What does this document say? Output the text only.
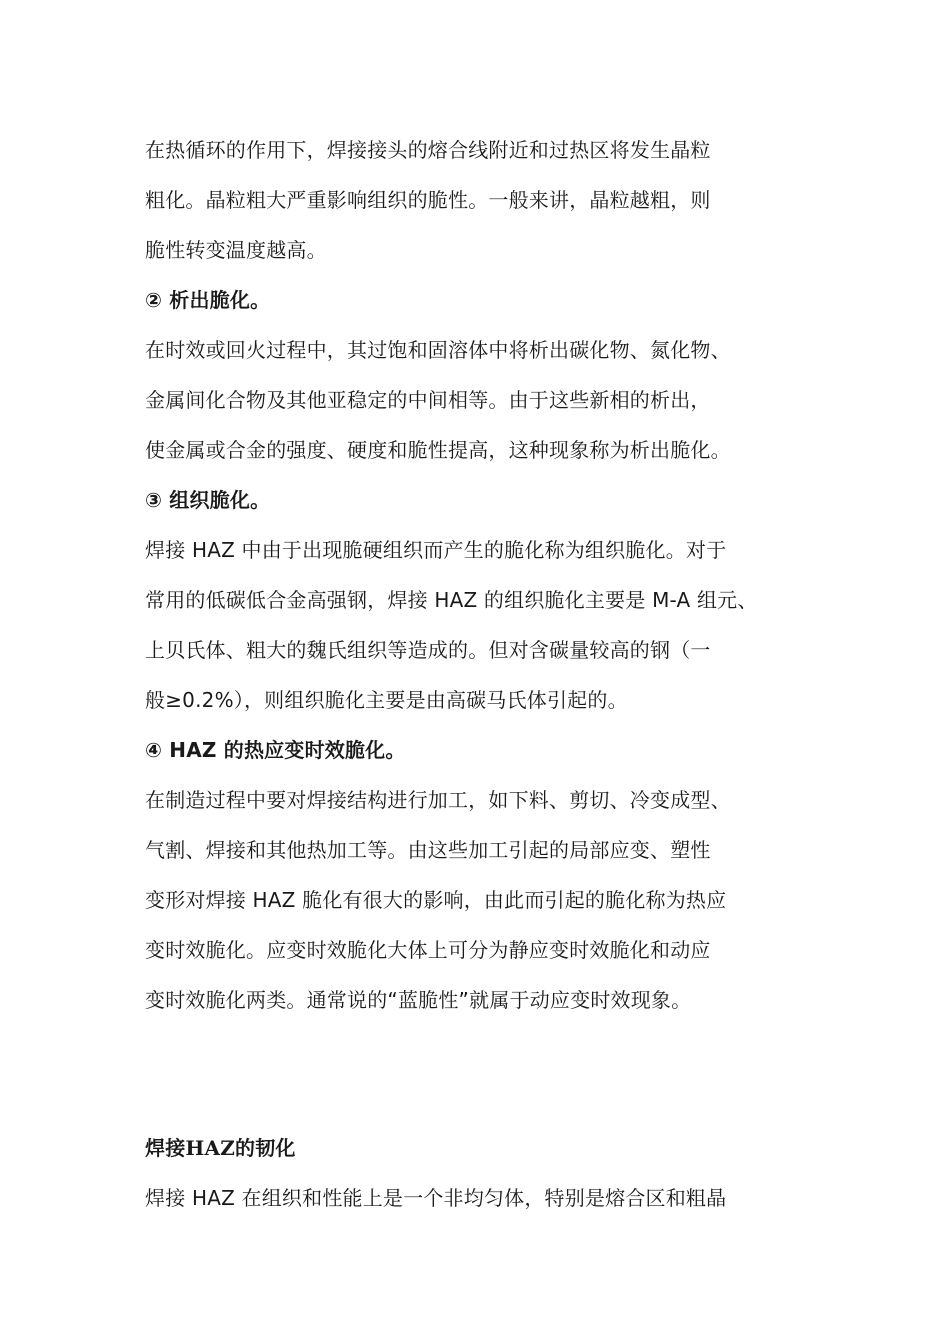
在热循环的作用下，焊接接头的熔合线附近和过热区将发生晶粒
粗化。晶粒粗大严重影响组织的脆性。一般来讲，晶粒越粗，则
脆性转变温度越高。
② 析出脆化。
在时效或回火过程中，其过饱和固溶体中将析出碳化物、氮化物、
金属间化合物及其他亚稳定的中间相等。由于这些新相的析出，
使金属或合金的强度、硬度和脆性提高，这种现象称为析出脆化。
③ 组织脆化。
焊接 HAZ 中由于出现脆硬组织而产生的脆化称为组织脆化。对于
常用的低碳低合金高强钢，焊接 HAZ 的组织脆化主要是 M-A 组元、
上贝氏体、粗大的魏氏组织等造成的。但对含碳量较高的钢（一
般≥0.2%），则组织脆化主要是由高碳马氏体引起的。
④ HAZ 的热应变时效脆化。
在制造过程中要对焊接结构进行加工，如下料、剪切、冷变成型、
气割、焊接和其他热加工等。由这些加工引起的局部应变、塑性
变形对焊接 HAZ 脆化有很大的影响，由此而引起的脆化称为热应
变时效脆化。应变时效脆化大体上可分为静应变时效脆化和动应
变时效脆化两类。通常说的“蓝脆性”就属于动应变时效现象。
焊接HAZ的韧化
焊接 HAZ 在组织和性能上是一个非均匀体，特别是熔合区和粗晶
